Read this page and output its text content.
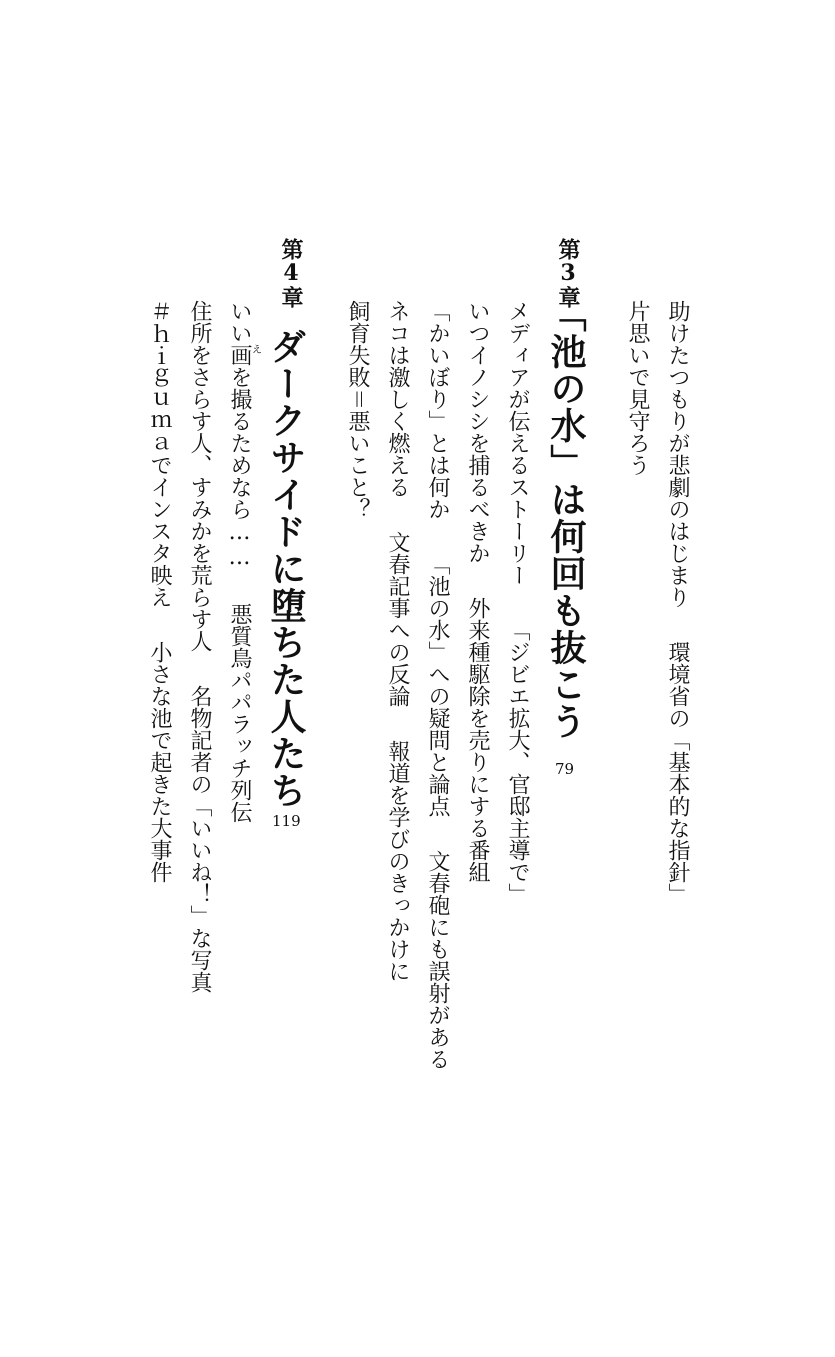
助けたつもりが悲劇のはじまり環境省の「基本的な指針」
片思いで見守ろう
第3章
「池の水」は何回も抜こう
79
メディアが伝えるストーリー「ジビエ拡大、官邸主導で」
いつイノシシを捕るべきか外来種駆除を売りにする番組
「かいぼり」とは何か「池の水」への疑問と論点文春砲にも誤射がある
ネコは激しく燃える文春記事への反論報道を学びのきっかけに
飼育失敗＝悪いこと？
第4章
ダークサイドに堕ちた人たち
119
え
いい画を撮るためなら……悪質鳥パパラッチ列伝
住所をさらす人、すみかを荒らす人名物記者の「いいね！」な写真
＃ｈｉｇｕｍａでインスタ映え小さな池で起きた大事件
